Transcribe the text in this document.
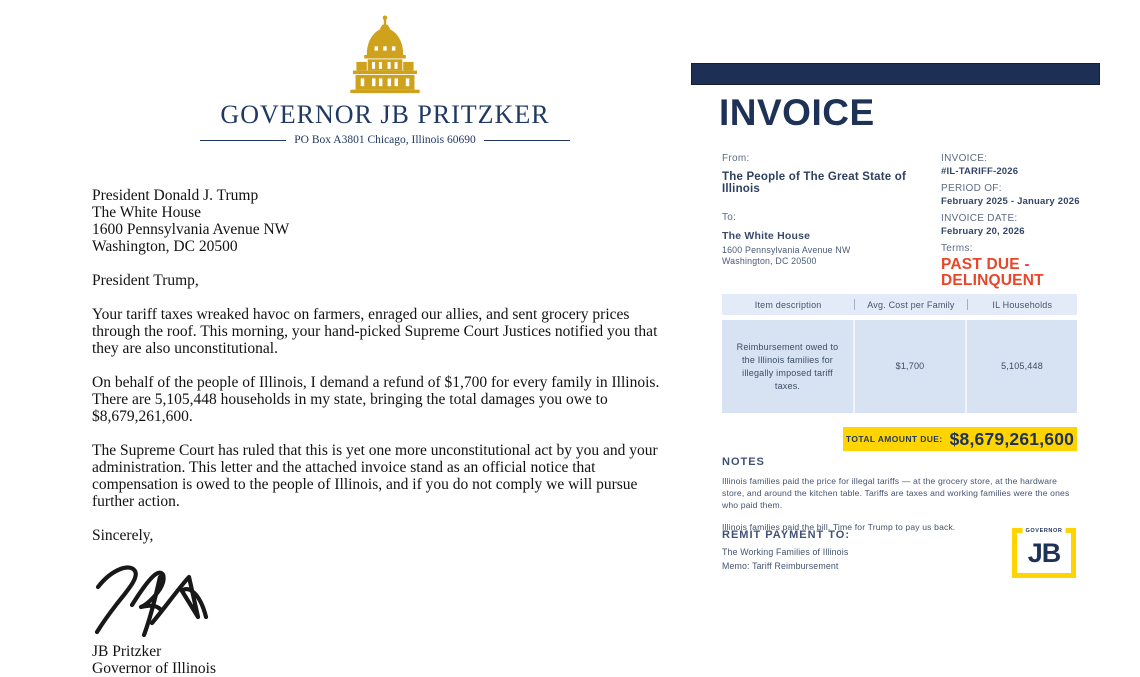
GOVERNOR JB PRITZKER
PO Box A3801 Chicago, Illinois 60690

President Donald J. Trump
The White House
1600 Pennsylvania Avenue NW
Washington, DC 20500

President Trump,

Your tariff taxes wreaked havoc on farmers, enraged our allies, and sent grocery prices through the roof. This morning, your hand-picked Supreme Court Justices notified you that they are also unconstitutional.

On behalf of the people of Illinois, I demand a refund of $1,700 for every family in Illinois. There are 5,105,448 households in my state, bringing the total damages you owe to $8,679,261,600.

The Supreme Court has ruled that this is yet one more unconstitutional act by you and your administration. This letter and the attached invoice stand as an official notice that compensation is owed to the people of Illinois, and if you do not comply we will pursue further action.

Sincerely,

JB Pritzker
Governor of Illinois
INVOICE
From:
The People of The Great State of Illinois
To:
The White House
1600 Pennsylvania Avenue NW
Washington, DC 20500
INVOICE:
#IL-TARIFF-2026
PERIOD OF:
February 2025 - January 2026
INVOICE DATE:
February 20, 2026
Terms:
PAST DUE - DELINQUENT
Item description	Avg. Cost per Family	IL Households
Reimbursement owed to the Illinois families for illegally imposed tariff taxes.
$1,700	5,105,448
TOTAL AMOUNT DUE: $8,679,261,600
NOTES

Illinois families paid the price for illegal tariffs — at the grocery store, at the hardware store, and around the kitchen table. Tariffs are taxes and working families were the ones who paid them.

Illinois families paid the bill. Time for Trump to pay us back.

REMIT PAYMENT TO:
The Working Families of Illinois
Memo: Tariff Reimbursement
GOVERNOR
JB
